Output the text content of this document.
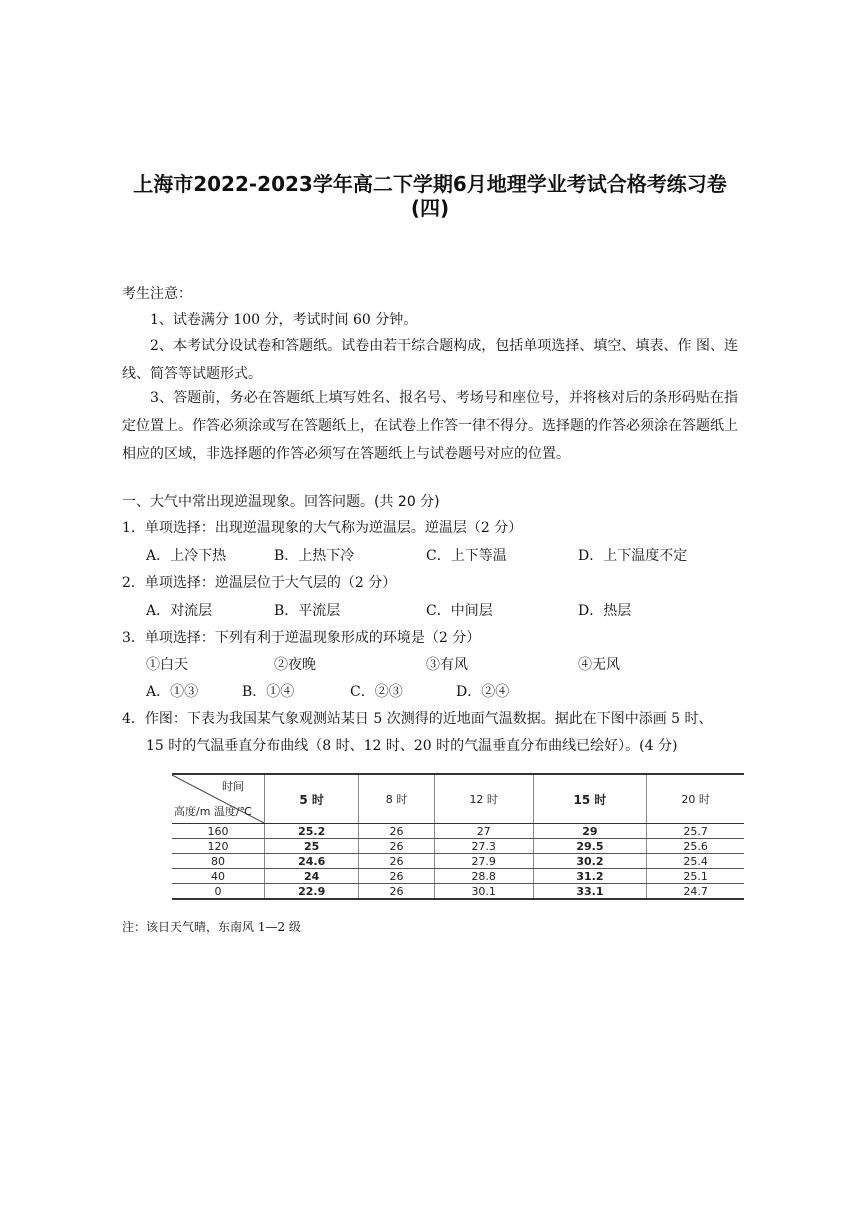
上海市2022-2023学年高二下学期6月地理学业考试合格考练习卷
(四)
考生注意：
1、试卷满分 100 分，考试时间 60 分钟。
2、本考试分设试卷和答题纸。试卷由若干综合题构成，包括单项选择、填空、填表、作 图、连线、简答等试题形式。
3、答题前，务必在答题纸上填写姓名、报名号、考场号和座位号，并将核对后的条形码贴在指定位置上。作答必须涂或写在答题纸上，在试卷上作答一律不得分。选择题的作答必须涂在答题纸上相应的区域，非选择题的作答必须写在答题纸上与试卷题号对应的位置。
一、大气中常出现逆温现象。回答问题。(共 20 分)
1．单项选择：出现逆温现象的大气称为逆温层。逆温层（2 分）
A．上冷下热	B．上热下冷	C．上下等温	D．上下温度不定
2．单项选择：逆温层位于大气层的（2 分）
A．对流层	B．平流层	C．中间层	D．热层
3．单项选择：下列有利于逆温现象形成的环境是（2 分）
①白天	②夜晚	③有风	④无风
A．①③	B．①④	C．②③	D．②④
4．作图：下表为我国某气象观测站某日 5 次测得的近地面气温数据。据此在下图中添画 5 时、
15 时的气温垂直分布曲线（8 时、12 时、20 时的气温垂直分布曲线已绘好）。(4 分)
时间
高度/m 温度/℃	5 时	8 时	12 时	15 时	20 时
160	25.2	26	27	29	25.7
120	25	26	27.3	29.5	25.6
80	24.6	26	27.9	30.2	25.4
40	24	26	28.8	31.2	25.1
0	22.9	26	30.1	33.1	24.7
注：该日天气晴，东南风 1—2 级
